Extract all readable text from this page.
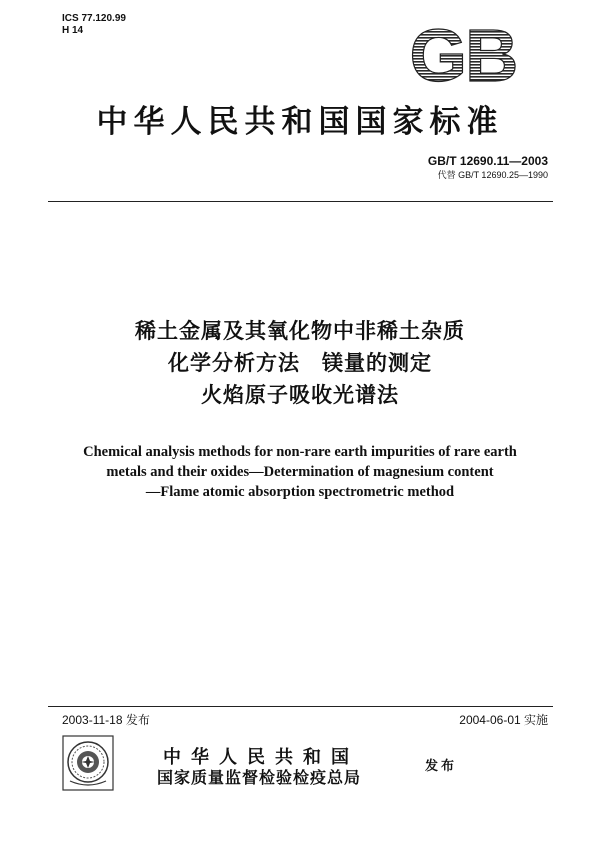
ICS 77.120.99
H 14	GB
中华人民共和国国家标准
GB/T 12690.11—2003
代替 GB/T 12690.25—1990
稀土金属及其氧化物中非稀土杂质
化学分析方法　镁量的测定
火焰原子吸收光谱法
Chemical analysis methods for non-rare earth impurities of rare earth
metals and their oxides—Determination of magnesium content
—Flame atomic absorption spectrometric method
2003-11-18 发布	2004-06-01 实施
中华人民共和国
国家质量监督检验检疫总局
发布
